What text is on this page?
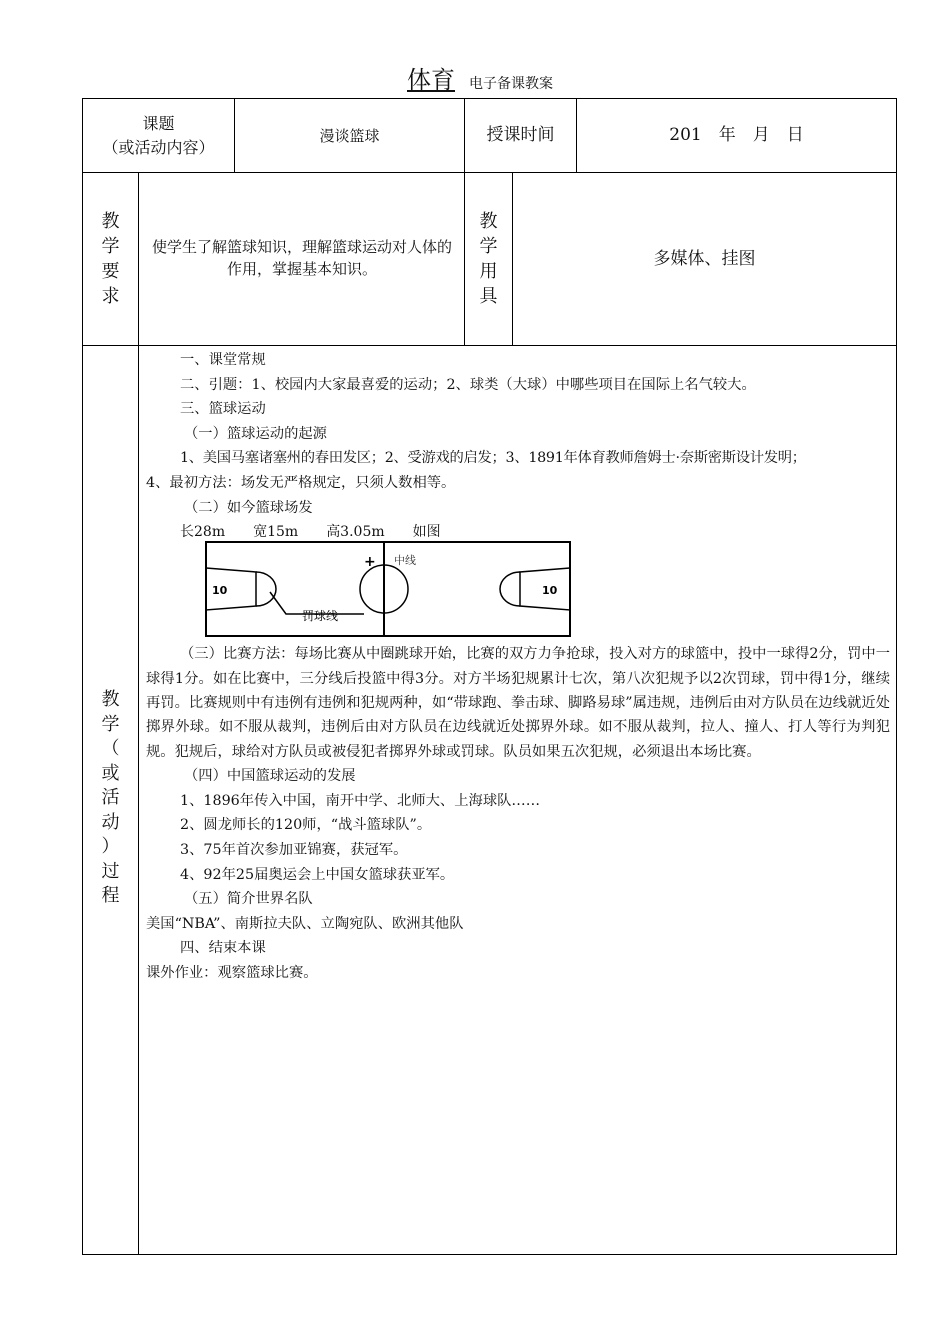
体育 电子备课教案
课题
（或活动内容）
漫谈篮球	授课时间	201　年　月　日
教
学
要
求
使学生了解篮球知识，理解篮球运动对人体的作用，掌握基本知识。
教
学
用
具
多媒体、挂图
教
学
（
或
活
动
）
过
程

一、课堂常规

二、引题：1、校园内大家最喜爱的运动；2、球类（大球）中哪些项目在国际上名气较大。

三、篮球运动

（一）篮球运动的起源

1、美国马塞诸塞州的春田发区；2、受游戏的启发；3、1891年体育教师詹姆士·奈斯密斯设计发明；

4、最初方法：场发无严格规定，只须人数相等。

（二）如今篮球场发

长28m 宽15m 高3.05m 如图

10	10
罚球线
+ 中线

（三）比赛方法：每场比赛从中圈跳球开始，比赛的双方力争抢球，投入对方的球篮中，投中一球得2分，罚中一球得1分。如在比赛中，三分线后投篮中得3分。对方半场犯规累计七次，第八次犯规予以2次罚球，罚中得1分，继续再罚。比赛规则中有违例有违例和犯规两种，如“带球跑、拳击球、脚路易球”属违规，违例后由对方队员在边线就近处掷界外球。如不服从裁判，违例后由对方队员在边线就近处掷界外球。如不服从裁判，拉人、撞人、打人等行为判犯规。犯规后，球给对方队员或被侵犯者掷界外球或罚球。队员如果五次犯规，必须退出本场比赛。

（四）中国篮球运动的发展

1、1896年传入中国，南开中学、北师大、上海球队……

2、圆龙师长的120师，“战斗篮球队”。

3、75年首次参加亚锦赛，获冠军。

4、92年25届奥运会上中国女篮球获亚军。

（五）简介世界名队

美国“NBA”、南斯拉夫队、立陶宛队、欧洲其他队

四、结束本课

课外作业：观察篮球比赛。
